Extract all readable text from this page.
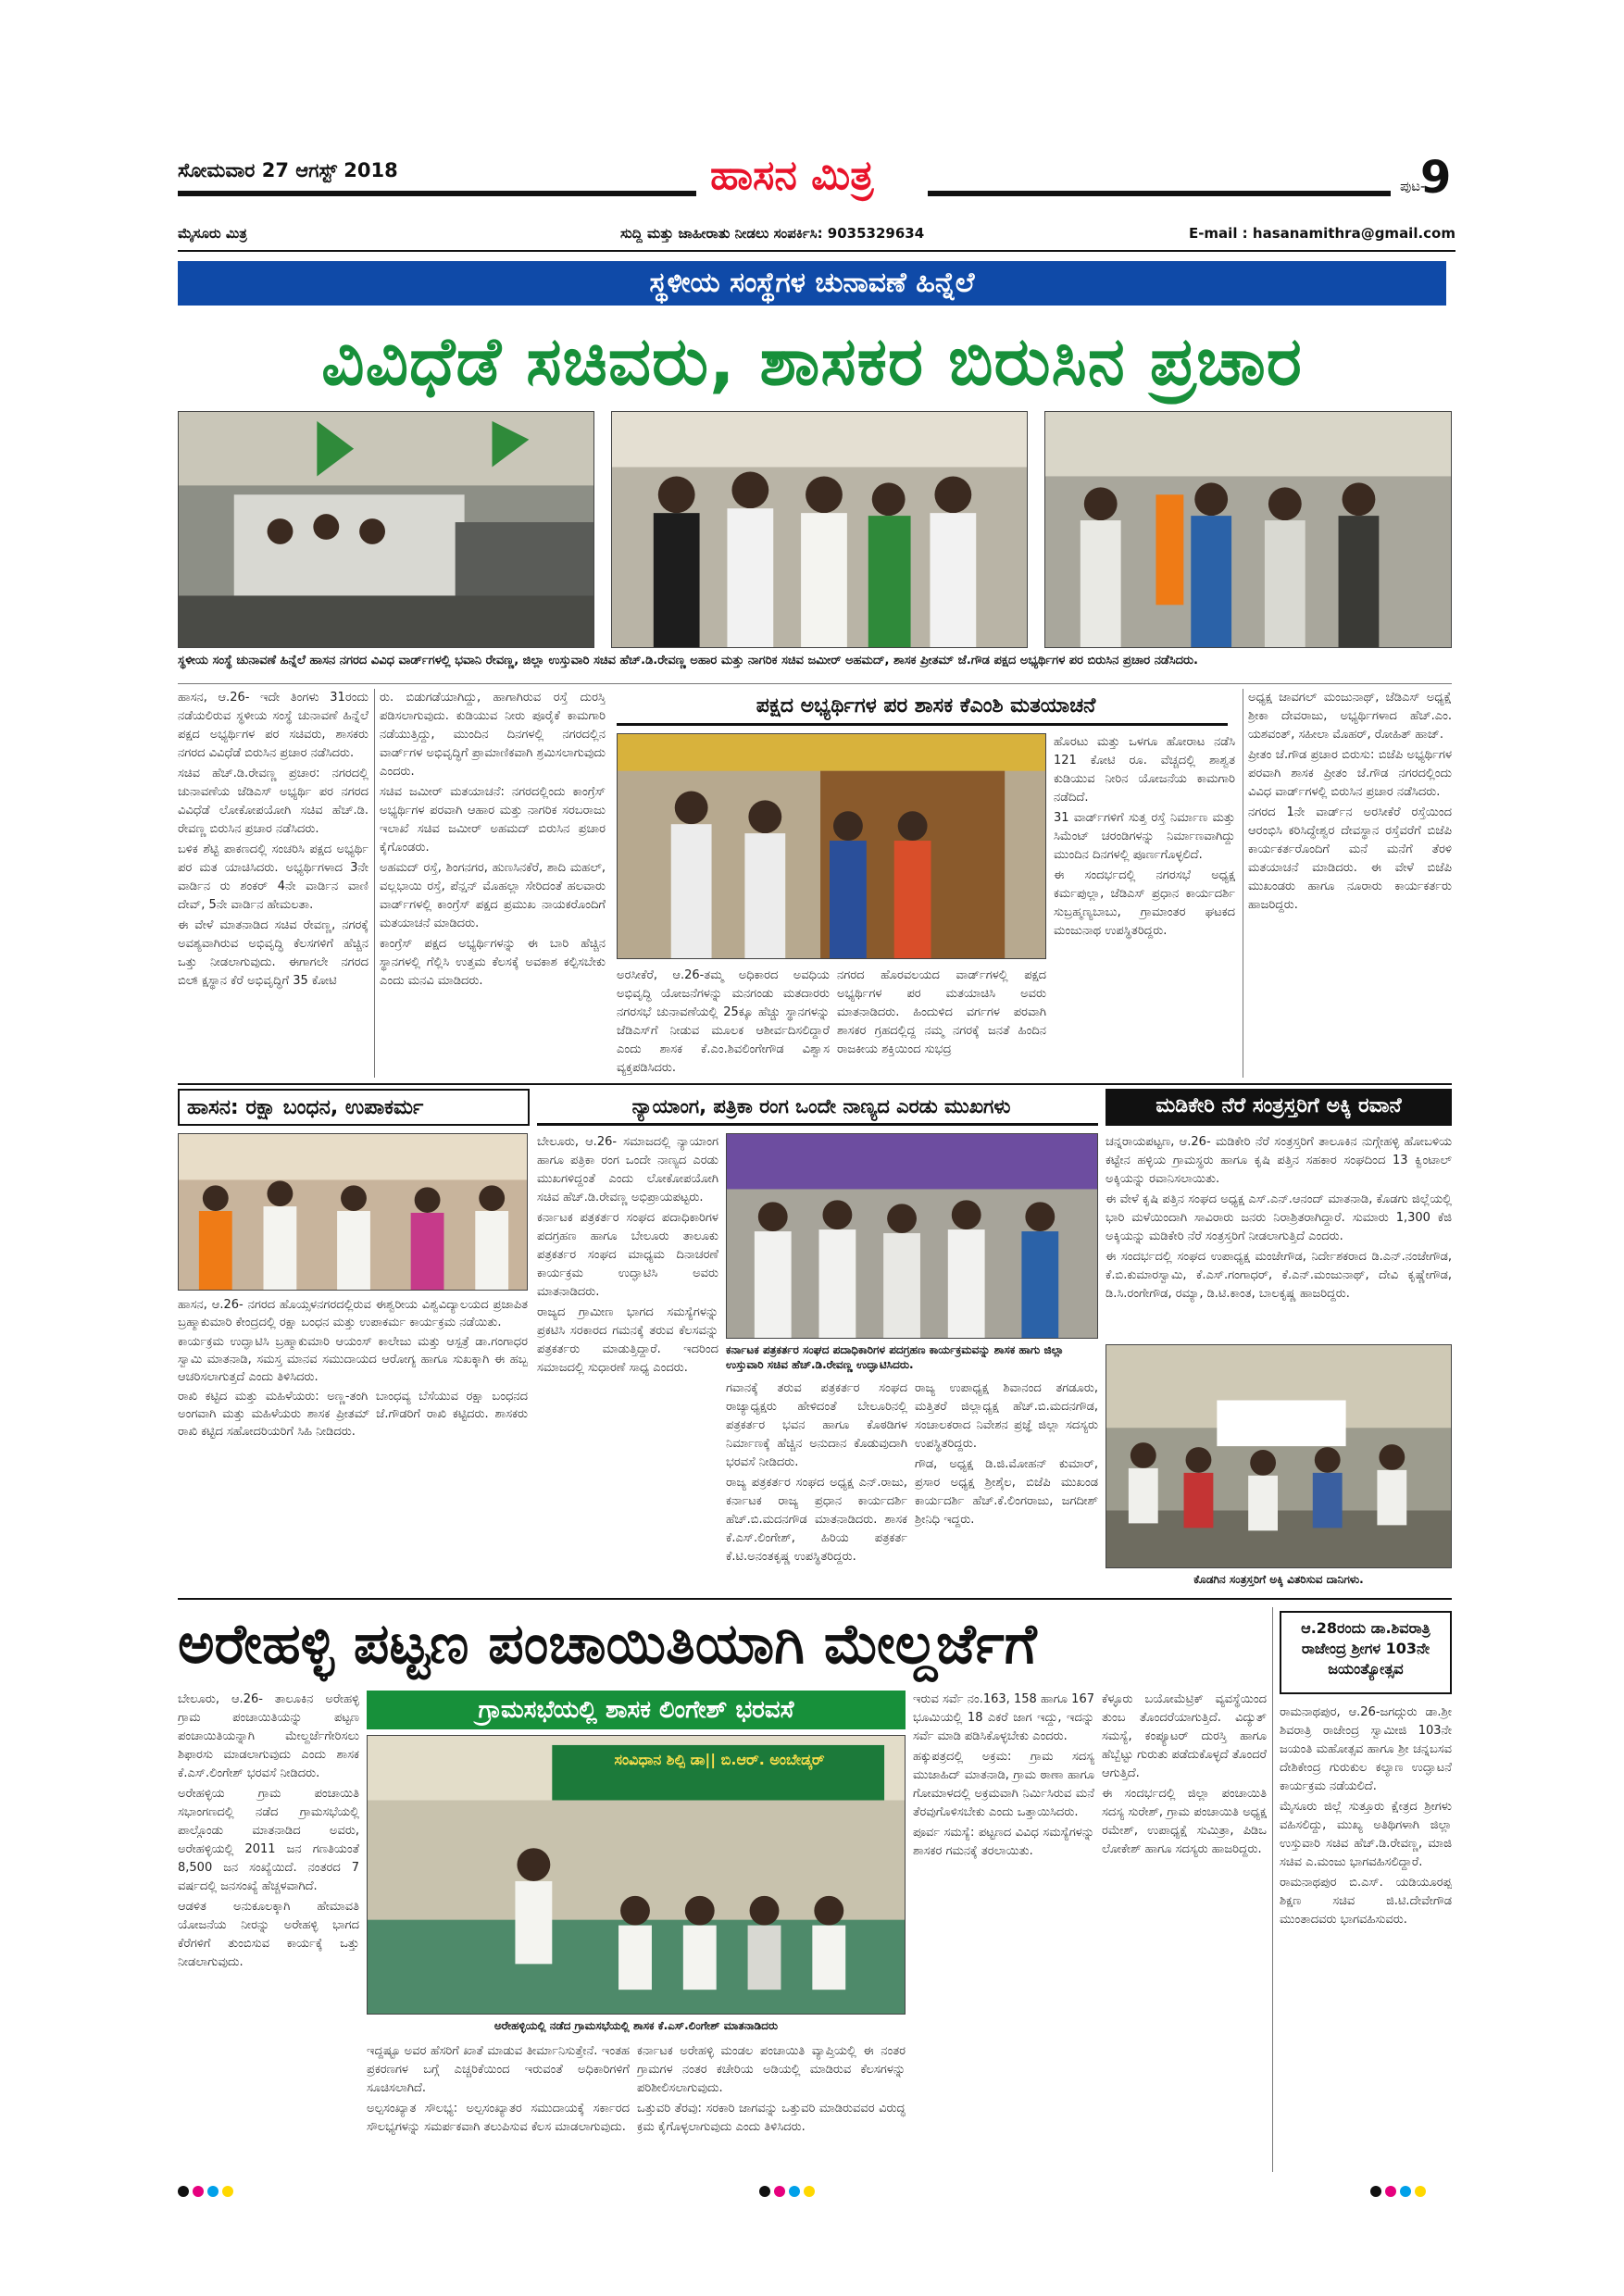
ಸೋಮವಾರ 27 ಆಗಸ್ಟ್ 2018	ಹಾಸನ ಮಿತ್ರ	ಪುಟ-
9
ಮೈಸೂರು ಮಿತ್ರ	ಸುದ್ದಿ ಮತ್ತು ಜಾಹೀರಾತು ನೀಡಲು ಸಂಪರ್ಕಿಸಿ: 9035329634	E-mail : hasanamithra@gmail.com
ಸ್ಥಳೀಯ ಸಂಸ್ಥೆಗಳ ಚುನಾವಣೆ ಹಿನ್ನೆಲೆ
ವಿವಿಧೆಡೆ ಸಚಿವರು, ಶಾಸಕರ ಬಿರುಸಿನ ಪ್ರಚಾರ
ಸ್ಥಳೀಯ ಸಂಸ್ಥೆ ಚುನಾವಣೆ ಹಿನ್ನೆಲೆ ಹಾಸನ ನಗರದ ವಿವಿಧ ವಾರ್ಡ್‌ಗಳಲ್ಲಿ ಭವಾನಿ ರೇವಣ್ಣ, ಜಿಲ್ಲಾ ಉಸ್ತುವಾರಿ ಸಚಿವ ಹೆಚ್.ಡಿ.ರೇವಣ್ಣ ಅಹಾರ ಮತ್ತು ನಾಗರಿಕ ಸಚಿವ ಜಮೀರ್ ಅಹಮದ್, ಶಾಸಕ ಪ್ರೀತಮ್ ಜೆ.ಗೌಡ ಪಕ್ಷದ ಅಭ್ಯರ್ಥಿಗಳ ಪರ ಬಿರುಸಿನ ಪ್ರಚಾರ ನಡೆಸಿದರು.

ಹಾಸನ, ಆ.26- ಇದೇ ತಿಂಗಳು 31ರಂದು ನಡೆಯಲಿರುವ ಸ್ಥಳೀಯ ಸಂಸ್ಥೆ ಚುನಾವಣೆ ಹಿನ್ನೆಲೆ ಪಕ್ಷದ ಅಭ್ಯರ್ಥಿಗಳ ಪರ ಸಚಿವರು, ಶಾಸಕರು ನಗರದ ವಿವಿಧೆಡೆ ಬಿರುಸಿನ ಪ್ರಚಾರ ನಡೆಸಿದರು.

ಸಚಿವ ಹೆಚ್.ಡಿ.ರೇವಣ್ಣ ಪ್ರಚಾರ: ನಗರದಲ್ಲಿ ಚುನಾವಣೆಯ ಜೆಡಿಎಸ್ ಅಭ್ಯರ್ಥಿ ಪರ ನಗರದ ವಿವಿಧೆಡೆ ಲೋಕೋಪಯೋಗಿ ಸಚಿವ ಹೆಚ್.ಡಿ. ರೇವಣ್ಣ ಬಿರುಸಿನ ಪ್ರಚಾರ ನಡೆಸಿದರು.

ಬಳಿಕ ಶೆಟ್ಟಿ ಪಾಕಣದಲ್ಲಿ ಸಂಚರಿಸಿ ಪಕ್ಷದ ಅಭ್ಯರ್ಥಿ ಪರ ಮತ ಯಾಚಿಸಿದರು. ಅಭ್ಯರ್ಥಿಗಳಾದ 3ನೇ ವಾರ್ಡಿನ ರು ಶಂಕರ್ 4ನೇ ವಾರ್ಡಿನ ವಾಣಿ ದೇವ್, 5ನೇ ವಾರ್ಡಿನ ಹೇಮಲತಾ.

ಈ ವೇಳೆ ಮಾತನಾಡಿದ ಸಚಿವ ರೇವಣ್ಣ, ನಗರಕ್ಕೆ ಅವಶ್ಯವಾಗಿರುವ ಅಭಿವೃದ್ಧಿ ಕೆಲಸಗಳಿಗೆ ಹೆಚ್ಚಿನ ಒತ್ತು ನೀಡಲಾಗುವುದು. ಈಗಾಗಲೇ ನಗರದ ಬಿಲ್ಕ್ಷಾಸ್ಥಾನ ಕೆರೆ ಅಭಿವೃದ್ಧಿಗೆ 35 ಕೋಟಿ

ರು. ಬಿಡುಗಡೆಯಾಗಿದ್ದು, ಹಾಗಾಗಿರುವ ರಸ್ತೆ ದುರಸ್ತಿ ಪಡಿಸಲಾಗುವುದು. ಕುಡಿಯುವ ನೀರು ಪೂರೈಕೆ ಕಾಮಗಾರಿ ನಡೆಯುತ್ತಿದ್ದು, ಮುಂದಿನ ದಿನಗಳಲ್ಲಿ ನಗರದಲ್ಲಿನ ವಾರ್ಡ್‌ಗಳ ಅಭಿವೃದ್ಧಿಗೆ ಪ್ರಾಮಾಣಿಕವಾಗಿ ಶ್ರಮಿಸಲಾಗುವುದು ಎಂದರು.

ಸಚಿವ ಜಮೀರ್ ಮತಯಾಚನೆ: ನಗರದಲ್ಲಿಂದು ಕಾಂಗ್ರೆಸ್ ಅಭ್ಯರ್ಥಿಗಳ ಪರವಾಗಿ ಆಹಾರ ಮತ್ತು ನಾಗರಿಕ ಸರಬರಾಜು ಇಲಾಖೆ ಸಚಿವ ಜಮೀರ್ ಅಹಮದ್ ಬಿರುಸಿನ ಪ್ರಚಾರ ಕೈಗೊಂಡರು.

ಅಹಮದ್ ರಸ್ತೆ, ಶಿಂಗನಗರ, ಹುಣಸಿನಕೆರೆ, ಶಾದಿ ಮಹಲ್, ವಲ್ಲಭಾಯಿ ರಸ್ತೆ, ಪೆನ್ಷನ್ ಮೊಹಲ್ಲಾ ಸೇರಿದಂತೆ ಹಲವಾರು ವಾರ್ಡ್‌ಗಳಲ್ಲಿ ಕಾಂಗ್ರೆಸ್ ಪಕ್ಷದ ಪ್ರಮುಖ ನಾಯಕರೊಂದಿಗೆ ಮತಯಾಚನೆ ಮಾಡಿದರು.

ಕಾಂಗ್ರೆಸ್ ಪಕ್ಷದ ಅಭ್ಯರ್ಥಿಗಳನ್ನು ಈ ಬಾರಿ ಹೆಚ್ಚಿನ ಸ್ಥಾನಗಳಲ್ಲಿ ಗೆಲ್ಲಿಸಿ ಉತ್ತಮ ಕೆಲಸಕ್ಕೆ ಅವಕಾಶ ಕಲ್ಪಿಸಬೇಕು ಎಂದು ಮನವಿ ಮಾಡಿದರು.

ಪಕ್ಷದ ಅಭ್ಯರ್ಥಿಗಳ ಪರ ಶಾಸಕ ಕೆಎಂಶಿ ಮತಯಾಚನೆ

ಅರಸೀಕೆರೆ, ಆ.26-ತಮ್ಮ ಅಧಿಕಾರದ ಅವಧಿಯ ಅಭಿವೃದ್ಧಿ ಯೋಜನೆಗಳನ್ನು ಮನಗಂಡು ಮತದಾರರು ನಗರಸಭೆ ಚುನಾವಣೆಯಲ್ಲಿ 25ಕ್ಕೂ ಹೆಚ್ಚು ಸ್ಥಾನಗಳನ್ನು ಜೆಡಿಎಸ್‌ಗೆ ನೀಡುವ ಮೂಲಕ ಆಶೀರ್ವದಿಸಲಿದ್ದಾರೆ ಎಂದು ಶಾಸಕ ಕೆ.ಎಂ.ಶಿವಲಿಂಗೇಗೌಡ ವಿಶ್ವಾಸ ವ್ಯಕ್ತಪಡಿಸಿದರು.

ನಗರದ ಹೊರವಲಯದ ವಾರ್ಡ್‌ಗಳಲ್ಲಿ ಪಕ್ಷದ ಅಭ್ಯರ್ಥಿಗಳ ಪರ ಮತಯಾಚಿಸಿ ಅವರು ಮಾತನಾಡಿದರು. ಹಿಂದುಳಿದ ವರ್ಗಗಳ ಪರವಾಗಿ ಶಾಸಕರ ಗ್ರಹದಲ್ಲಿದ್ದ ನಮ್ಮ ನಗರಕ್ಕೆ ಜನತೆ ಹಿಂದಿನ ರಾಜಕೀಯ ಶಕ್ತಿಯಿಂದ ಸುಭದ್ರ

ಹೊರಟು ಮತ್ತು ಒಳಗೂ ಹೋರಾಟ ನಡೆಸಿ 121 ಕೋಟಿ ರೂ. ವೆಚ್ಚದಲ್ಲಿ ಶಾಶ್ವತ ಕುಡಿಯುವ ನೀರಿನ ಯೋಜನೆಯ ಕಾಮಗಾರಿ ನಡೆದಿದೆ.

31 ವಾರ್ಡ್‌ಗಳಿಗೆ ಸುತ್ತ ರಸ್ತೆ ನಿರ್ಮಾಣ ಮತ್ತು ಸಿಮೆಂಟ್ ಚರಂಡಿಗಳನ್ನು ನಿರ್ಮಾಣವಾಗಿದ್ದು ಮುಂದಿನ ದಿನಗಳಲ್ಲಿ ಪೂರ್ಣಗೊಳ್ಳಲಿದೆ.

ಈ ಸಂದರ್ಭದಲ್ಲಿ ನಗರಸಭೆ ಅಧ್ಯಕ್ಷ ಕರ್ಮಪುಲ್ಲಾ, ಜೆಡಿಎಸ್ ಪ್ರಧಾನ ಕಾರ್ಯದರ್ಶಿ ಸುಬ್ರಹ್ಮಣ್ಯಬಾಬು, ಗ್ರಾಮಾಂತರ ಘಟಕದ ಮಂಜುನಾಥ ಉಪಸ್ಥಿತರಿದ್ದರು.

ಅಧ್ಯಕ್ಷ ಜಾವಗಲ್ ಮಂಜುನಾಥ್, ಜೆಡಿಎಸ್ ಅಧ್ಯಕ್ಷೆ ಶ್ರೀಕಾ ದೇವರಾಜು, ಅಭ್ಯರ್ಥಿಗಳಾದ ಹೆಚ್.ಎಂ. ಯಶವಂತ್, ಸಹೀಲಾ ಮೊಹರ್, ರೋಹಿತ್ ಹಾಜ್.

ಪ್ರೀತಂ ಜೆ.ಗೌಡ ಪ್ರಚಾರ ಬಿರುಸು: ಬಿಜೆಪಿ ಅಭ್ಯರ್ಥಿಗಳ ಪರವಾಗಿ ಶಾಸಕ ಪ್ರೀತಂ ಜೆ.ಗೌಡ ನಗರದಲ್ಲಿಂದು ವಿವಿಧ ವಾರ್ಡ್‌ಗಳಲ್ಲಿ ಬಿರುಸಿನ ಪ್ರಚಾರ ನಡೆಸಿದರು.

ನಗರದ 1ನೇ ವಾರ್ಡ್‌ನ ಅರಸೀಕೆರೆ ರಸ್ತೆಯಿಂದ ಆರಂಭಿಸಿ ಕರಿಸಿದ್ಧೇಶ್ವರ ದೇವಸ್ಥಾನ ರಸ್ತೆವರೆಗೆ ಬಿಜೆಪಿ ಕಾರ್ಯಕರ್ತರೊಂದಿಗೆ ಮನೆ ಮನೆಗೆ ತೆರಳಿ ಮತಯಾಚನೆ ಮಾಡಿದರು. ಈ ವೇಳೆ ಬಿಜೆಪಿ ಮುಖಂಡರು ಹಾಗೂ ನೂರಾರು ಕಾರ್ಯಕರ್ತರು ಹಾಜರಿದ್ದರು.

ಹಾಸನ: ರಕ್ಷಾ ಬಂಧನ, ಉಪಾಕರ್ಮ

ಹಾಸನ, ಆ.26- ನಗರದ ಹೊಯ್ಸಳನಗರದಲ್ಲಿರುವ ಈಶ್ವರೀಯ ವಿಶ್ವವಿದ್ಯಾಲಯದ ಪ್ರಜಾಪಿತ ಬ್ರಹ್ಮಾಕುಮಾರಿ ಕೇಂದ್ರದಲ್ಲಿ ರಕ್ಷಾ ಬಂಧನ ಮತ್ತು ಉಪಾಕರ್ಮ ಕಾರ್ಯಕ್ರಮ ನಡೆಯಿತು.

ಕಾರ್ಯಕ್ರಮ ಉದ್ಘಾಟಿಸಿ ಬ್ರಹ್ಮಾಕುಮಾರಿ ಆಯಂಸ್ ಕಾಲೇಜು ಮತ್ತು ಆಸ್ಪತ್ರೆ ಡಾ.ಗಂಗಾಧರ ಸ್ವಾಮಿ ಮಾತನಾಡಿ, ಸಮಸ್ತ ಮಾನವ ಸಮುದಾಯದ ಆರೋಗ್ಯ ಹಾಗೂ ಸುಖಕ್ಕಾಗಿ ಈ ಹಬ್ಬ ಆಚರಿಸಲಾಗುತ್ತದೆ ಎಂದು ತಿಳಿಸಿದರು.

ರಾಖಿ ಕಟ್ಟಿದ ಮತ್ತು ಮಹಿಳೆಯರು: ಅಣ್ಣ-ತಂಗಿ ಬಾಂಧವ್ಯ ಬೆಸೆಯುವ ರಕ್ಷಾ ಬಂಧನದ ಅಂಗವಾಗಿ ಮತ್ತು ಮಹಿಳೆಯರು ಶಾಸಕ ಪ್ರೀತಮ್ ಜೆ.ಗೌಡರಿಗೆ ರಾಖಿ ಕಟ್ಟಿದರು. ಶಾಸಕರು ರಾಖಿ ಕಟ್ಟಿದ ಸಹೋದರಿಯರಿಗೆ ಸಿಹಿ ನೀಡಿದರು.

ನ್ಯಾಯಾಂಗ, ಪತ್ರಿಕಾ ರಂಗ ಒಂದೇ ನಾಣ್ಯದ ಎರಡು ಮುಖಗಳು

ಬೇಲೂರು, ಆ.26- ಸಮಾಜದಲ್ಲಿ ನ್ಯಾಯಾಂಗ ಹಾಗೂ ಪತ್ರಿಕಾ ರಂಗ ಒಂದೇ ನಾಣ್ಯದ ಎರಡು ಮುಖಗಳಿದ್ದಂತೆ ಎಂದು ಲೋಕೋಪಯೋಗಿ ಸಚಿವ ಹೆಚ್.ಡಿ.ರೇವಣ್ಣ ಅಭಿಪ್ರಾಯಪಟ್ಟರು.

ಕರ್ನಾಟಕ ಪತ್ರಕರ್ತರ ಸಂಘದ ಪದಾಧಿಕಾರಿಗಳ ಪದಗ್ರಹಣ ಹಾಗೂ ಬೇಲೂರು ತಾಲೂಕು ಪತ್ರಕರ್ತರ ಸಂಘದ ಮಾಧ್ಯಮ ದಿನಾಚರಣೆ ಕಾರ್ಯಕ್ರಮ ಉದ್ಘಾಟಿಸಿ ಅವರು ಮಾತನಾಡಿದರು.

ರಾಜ್ಯದ ಗ್ರಾಮೀಣ ಭಾಗದ ಸಮಸ್ಯೆಗಳನ್ನು ಪ್ರಕಟಿಸಿ ಸರಕಾರದ ಗಮನಕ್ಕೆ ತರುವ ಕೆಲಸವನ್ನು ಪತ್ರಕರ್ತರು ಮಾಡುತ್ತಿದ್ದಾರೆ. ಇದರಿಂದ ಸಮಾಜದಲ್ಲಿ ಸುಧಾರಣೆ ಸಾಧ್ಯ ಎಂದರು.

ಕರ್ನಾಟಕ ಪತ್ರಕರ್ತರ ಸಂಘದ ಪದಾಧಿಕಾರಿಗಳ ಪದಗ್ರಹಣ ಕಾರ್ಯಕ್ರಮವನ್ನು ಶಾಸಕ ಹಾಗು ಜಿಲ್ಲಾ ಉಸ್ತುವಾರಿ ಸಚಿವ ಹೆಚ್.ಡಿ.ರೇವಣ್ಣ ಉದ್ಘಾಟಿಸಿದರು.

ಗವಾನಕ್ಕೆ ತರುವ ಪತ್ರಕರ್ತರ ಸಂಘದ ರಾಜ್ಯಾಧ್ಯಕ್ಷರು ಹೇಳಿದಂತೆ ಬೇಲೂರಿನಲ್ಲಿ ಪತ್ರಕರ್ತರ ಭವನ ಹಾಗೂ ಕೊಠಡಿಗಳ ನಿರ್ಮಾಣಕ್ಕೆ ಹೆಚ್ಚಿನ ಅನುದಾನ ಕೊಡುವುದಾಗಿ ಭರವಸೆ ನೀಡಿದರು.

ರಾಜ್ಯ ಪತ್ರಕರ್ತರ ಸಂಘದ ಅಧ್ಯಕ್ಷ ಎನ್.ರಾಜು, ಕರ್ನಾಟಕ ರಾಜ್ಯ ಪ್ರಧಾನ ಕಾರ್ಯದರ್ಶಿ ಹೆಚ್.ಬಿ.ಮದನಗೌಡ ಮಾತನಾಡಿದರು. ಶಾಸಕ ಕೆ.ಎಸ್.ಲಿಂಗೇಶ್, ಹಿರಿಯ ಪತ್ರಕರ್ತ ಕೆ.ಟಿ.ಅನಂತಕೃಷ್ಣ ಉಪಸ್ಥಿತರಿದ್ದರು.

ರಾಜ್ಯ ಉಪಾಧ್ಯಕ್ಷ ಶಿವಾನಂದ ತಗಡೂರು, ಮತ್ತಿತರೆ ಜಿಲ್ಲಾಧ್ಯಕ್ಷ ಹೆಚ್.ಬಿ.ಮದನಗೌಡ, ಸಂಚಾಲಕರಾದ ನಿವೇಶನ ಪ್ರಜ್ಞೆ ಜಿಲ್ಲಾ ಸದಸ್ಯರು ಉಪಸ್ಥಿತರಿದ್ದರು.

ಗೌಡ, ಅಧ್ಯಕ್ಷ ಡಿ.ಜಿ.ಮೋಹನ್ ಕುಮಾರ್, ಪ್ರಸಾರ ಅಧ್ಯಕ್ಷ ಶ್ರೀಶೈಲ, ಬಿಜೆಪಿ ಮುಖಂಡ ಕಾರ್ಯದರ್ಶಿ ಹೆಚ್.ಕೆ.ಲಿಂಗರಾಜು, ಜಗದೀಶ್ ಶ್ರೀನಿಧಿ ಇದ್ದರು.

ಮಡಿಕೇರಿ ನೆರೆ ಸಂತ್ರಸ್ತರಿಗೆ ಅಕ್ಕಿ ರವಾನೆ

ಚನ್ನರಾಯಪಟ್ಟಣ, ಆ.26- ಮಡಿಕೇರಿ ನೆರೆ ಸಂತ್ರಸ್ತರಿಗೆ ತಾಲೂಕಿನ ನುಗ್ಗೇಹಳ್ಳಿ ಹೋಬಳಿಯ ಕಟ್ಟೇನ ಹಳ್ಳಿಯ ಗ್ರಾಮಸ್ಥರು ಹಾಗೂ ಕೃಷಿ ಪತ್ತಿನ ಸಹಕಾರ ಸಂಘದಿಂದ 13 ಕ್ವಿಂಟಾಲ್ ಅಕ್ಕಿಯನ್ನು ರವಾನಿಸಲಾಯಿತು.

ಈ ವೇಳೆ ಕೃಷಿ ಪತ್ತಿನ ಸಂಘದ ಅಧ್ಯಕ್ಷ ಎಸ್.ಎನ್.ಆನಂದ್ ಮಾತನಾಡಿ, ಕೊಡಗು ಜಿಲ್ಲೆಯಲ್ಲಿ ಭಾರಿ ಮಳೆಯಿಂದಾಗಿ ಸಾವಿರಾರು ಜನರು ನಿರಾಶ್ರಿತರಾಗಿದ್ದಾರೆ. ಸುಮಾರು 1,300 ಕೆಜಿ ಅಕ್ಕಿಯನ್ನು ಮಡಿಕೇರಿ ನೆರೆ ಸಂತ್ರಸ್ತರಿಗೆ ನೀಡಲಾಗುತ್ತಿದೆ ಎಂದರು.

ಈ ಸಂದರ್ಭದಲ್ಲಿ ಸಂಘದ ಉಪಾಧ್ಯಕ್ಷ ಮಂಜೇಗೌಡ, ನಿರ್ದೇಶಕರಾದ ಡಿ.ಎನ್.ನಂಜೇಗೌಡ, ಕೆ.ಬಿ.ಕುಮಾರಸ್ವಾಮಿ, ಕೆ.ಎಸ್.ಗಂಗಾಧರ್, ಕೆ.ಎನ್.ಮಂಜುನಾಥ್, ದೇವಿ ಕೃಷ್ಣೇಗೌಡ, ಡಿ.ಸಿ.ರಂಗೇಗೌಡ, ರಮ್ಯಾ, ಡಿ.ಟಿ.ಕಾಂತ, ಬಾಲಕೃಷ್ಣ ಹಾಜರಿದ್ದರು.

ಕೊಡಗಿನ ಸಂತ್ರಸ್ತರಿಗೆ ಅಕ್ಕಿ ವಿತರಿಸುವ ದಾನಿಗಳು.
ಅರೇಹಳ್ಳಿ ಪಟ್ಟಣ ಪಂಚಾಯಿತಿಯಾಗಿ ಮೇಲ್ದರ್ಜೆಗೆ

ಬೇಲೂರು, ಆ.26- ತಾಲೂಕಿನ ಅರೇಹಳ್ಳಿ ಗ್ರಾಮ ಪಂಚಾಯಿತಿಯನ್ನು ಪಟ್ಟಣ ಪಂಚಾಯಿತಿಯನ್ನಾಗಿ ಮೇಲ್ದರ್ಜೆಗೇರಿಸಲು ಶಿಫಾರಸು ಮಾಡಲಾಗುವುದು ಎಂದು ಶಾಸಕ ಕೆ.ಎಸ್.ಲಿಂಗೇಶ್ ಭರವಸೆ ನೀಡಿದರು.

ಅರೇಹಳ್ಳಿಯ ಗ್ರಾಮ ಪಂಚಾಯಿತಿ ಸಭಾಂಗಣದಲ್ಲಿ ನಡೆದ ಗ್ರಾಮಸಭೆಯಲ್ಲಿ ಪಾಲ್ಗೊಂಡು ಮಾತನಾಡಿದ ಅವರು, ಅರೇಹಳ್ಳಿಯಲ್ಲಿ 2011 ಜನ ಗಣತಿಯಂತೆ 8,500 ಜನ ಸಂಖ್ಯೆಯಿದೆ. ನಂತರದ 7 ವರ್ಷದಲ್ಲಿ ಜನಸಂಖ್ಯೆ ಹೆಚ್ಚಳವಾಗಿದೆ.

ಆಡಳಿತ ಅನುಕೂಲಕ್ಕಾಗಿ ಹೇಮಾವತಿ ಯೋಜನೆಯ ನೀರನ್ನು ಅರೇಹಳ್ಳಿ ಭಾಗದ ಕೆರೆಗಳಿಗೆ ತುಂಬಿಸುವ ಕಾರ್ಯಕ್ಕೆ ಒತ್ತು ನೀಡಲಾಗುವುದು.

ಗ್ರಾಮಸಭೆಯಲ್ಲಿ ಶಾಸಕ ಲಿಂಗೇಶ್ ಭರವಸೆ
ಸಂವಿಧಾನ ಶಿಲ್ಪಿ ಡಾ|| ಬಿ.ಆರ್. ಅಂಬೇಡ್ಕರ್
ಅರೇಹಳ್ಳಿಯಲ್ಲಿ ನಡೆದ ಗ್ರಾಮಸಭೆಯಲ್ಲಿ ಶಾಸಕ ಕೆ.ಎಸ್.ಲಿಂಗೇಶ್ ಮಾತನಾಡಿದರು

ಇದ್ದಷ್ಟೂ ಅವರ ಹೆಸರಿಗೆ ಖಾತೆ ಮಾಡುವ ತೀರ್ಮಾನಿಸುತ್ತೇನೆ. ಇಂತಹ ಪ್ರಕರಣಗಳ ಬಗ್ಗೆ ಎಚ್ಚರಿಕೆಯಿಂದ ಇರುವಂತೆ ಅಧಿಕಾರಿಗಳಿಗೆ ಸೂಚಿಸಲಾಗಿದೆ.

ಅಲ್ಪಸಂಖ್ಯಾತ ಸೌಲಭ್ಯ: ಅಲ್ಪಸಂಖ್ಯಾತರ ಸಮುದಾಯಕ್ಕೆ ಸರ್ಕಾರದ ಸೌಲಭ್ಯಗಳನ್ನು ಸಮರ್ಪಕವಾಗಿ ತಲುಪಿಸುವ ಕೆಲಸ ಮಾಡಲಾಗುವುದು.

ಕರ್ನಾಟಕ ಅರೇಹಳ್ಳಿ ಮಂಡಲ ಪಂಚಾಯಿತಿ ವ್ಯಾಪ್ತಿಯಲ್ಲಿ ಈ ನಂತರ ಗ್ರಾಮಗಳ ನಂತರ ಕಚೇರಿಯ ಅಡಿಯಲ್ಲಿ ಮಾಡಿರುವ ಕೆಲಸಗಳನ್ನು ಪರಿಶೀಲಿಸಲಾಗುವುದು.

ಒತ್ತುವರಿ ತೆರವು: ಸರಕಾರಿ ಜಾಗವನ್ನು ಒತ್ತುವರಿ ಮಾಡಿರುವವರ ವಿರುದ್ಧ ಕ್ರಮ ಕೈಗೊಳ್ಳಲಾಗುವುದು ಎಂದು ತಿಳಿಸಿದರು.

ಇರುವ ಸರ್ವೆ ನಂ.163, 158 ಹಾಗೂ 167 ಭೂಮಿಯಲ್ಲಿ 18 ಎಕರೆ ಜಾಗ ಇದ್ದು, ಇದನ್ನು ಸರ್ವೆ ಮಾಡಿ ಪಡಿಸಿಕೊಳ್ಳಬೇಕು ಎಂದರು.

ಹಕ್ಕುಪತ್ರದಲ್ಲಿ ಅಕ್ರಮ: ಗ್ರಾಮ ಸದಸ್ಯ ಮುಜಾಹಿದ್ ಮಾತನಾಡಿ, ಗ್ರಾಮ ಠಾಣಾ ಹಾಗೂ ಗೋಮಾಳದಲ್ಲಿ ಅಕ್ರಮವಾಗಿ ನಿರ್ಮಿಸಿರುವ ಮನೆ ತೆರವುಗೊಳಿಸಬೇಕು ಎಂದು ಒತ್ತಾಯಿಸಿದರು.

ಪೂರ್ವ ಸಮಸ್ಯೆ: ಪಟ್ಟಣದ ವಿವಿಧ ಸಮಸ್ಯೆಗಳನ್ನು ಶಾಸಕರ ಗಮನಕ್ಕೆ ತರಲಾಯಿತು.

ಕೆಳ್ಳೂರು ಬಯೋಮೆಟ್ರಿಕ್ ವ್ಯವಸ್ಥೆಯಿಂದ ತುಂಬ ತೊಂದರೆಯಾಗುತ್ತಿದೆ. ವಿದ್ಯುತ್ ಸಮಸ್ಯೆ, ಕಂಪ್ಯೂಟರ್ ದುರಸ್ತಿ ಹಾಗೂ ಹೆಬ್ಬೆಟ್ಟು ಗುರುತು ಪಡೆದುಕೊಳ್ಳದೆ ತೊಂದರೆ ಆಗುತ್ತಿದೆ.

ಈ ಸಂದರ್ಭದಲ್ಲಿ ಜಿಲ್ಲಾ ಪಂಚಾಯಿತಿ ಸದಸ್ಯ ಸುರೇಶ್, ಗ್ರಾಮ ಪಂಚಾಯಿತಿ ಅಧ್ಯಕ್ಷ ರಮೇಶ್, ಉಪಾಧ್ಯಕ್ಷೆ ಸುಮಿತ್ರಾ, ಪಿಡಿಒ ಲೋಕೇಶ್ ಹಾಗೂ ಸದಸ್ಯರು ಹಾಜರಿದ್ದರು.

ಆ.28ರಂದು ಡಾ.ಶಿವರಾತ್ರಿ ರಾಜೇಂದ್ರ ಶ್ರೀಗಳ 103ನೇ ಜಯಂತ್ಯೋತ್ಸವ

ರಾಮನಾಥಪುರ, ಆ.26-ಜಗದ್ಗುರು ಡಾ.ಶ್ರೀ ಶಿವರಾತ್ರಿ ರಾಜೇಂದ್ರ ಸ್ವಾಮೀಜಿ 103ನೇ ಜಯಂತಿ ಮಹೋತ್ಸವ ಹಾಗೂ ಶ್ರೀ ಚನ್ನಬಸವ ದೇಶಿಕೇಂದ್ರ ಗುರುಕುಲ ಕಲ್ಯಾಣ ಉದ್ಘಾಟನೆ ಕಾರ್ಯಕ್ರಮ ನಡೆಯಲಿದೆ.

ಮೈಸೂರು ಜಿಲ್ಲೆ ಸುತ್ತೂರು ಕ್ಷೇತ್ರದ ಶ್ರೀಗಳು ವಹಿಸಲಿದ್ದು, ಮುಖ್ಯ ಅತಿಥಿಗಳಾಗಿ ಜಿಲ್ಲಾ ಉಸ್ತುವಾರಿ ಸಚಿವ ಹೆಚ್.ಡಿ.ರೇವಣ್ಣ, ಮಾಜಿ ಸಚಿವ ಎ.ಮಂಜು ಭಾಗವಹಿಸಲಿದ್ದಾರೆ.

ರಾಮನಾಥಪುರ ಬಿ.ಎಸ್. ಯಡಿಯೂರಪ್ಪ ಶಿಕ್ಷಣ ಸಚಿವ ಜಿ.ಟಿ.ದೇವೇಗೌಡ ಮುಂತಾದವರು ಭಾಗವಹಿಸುವರು.
